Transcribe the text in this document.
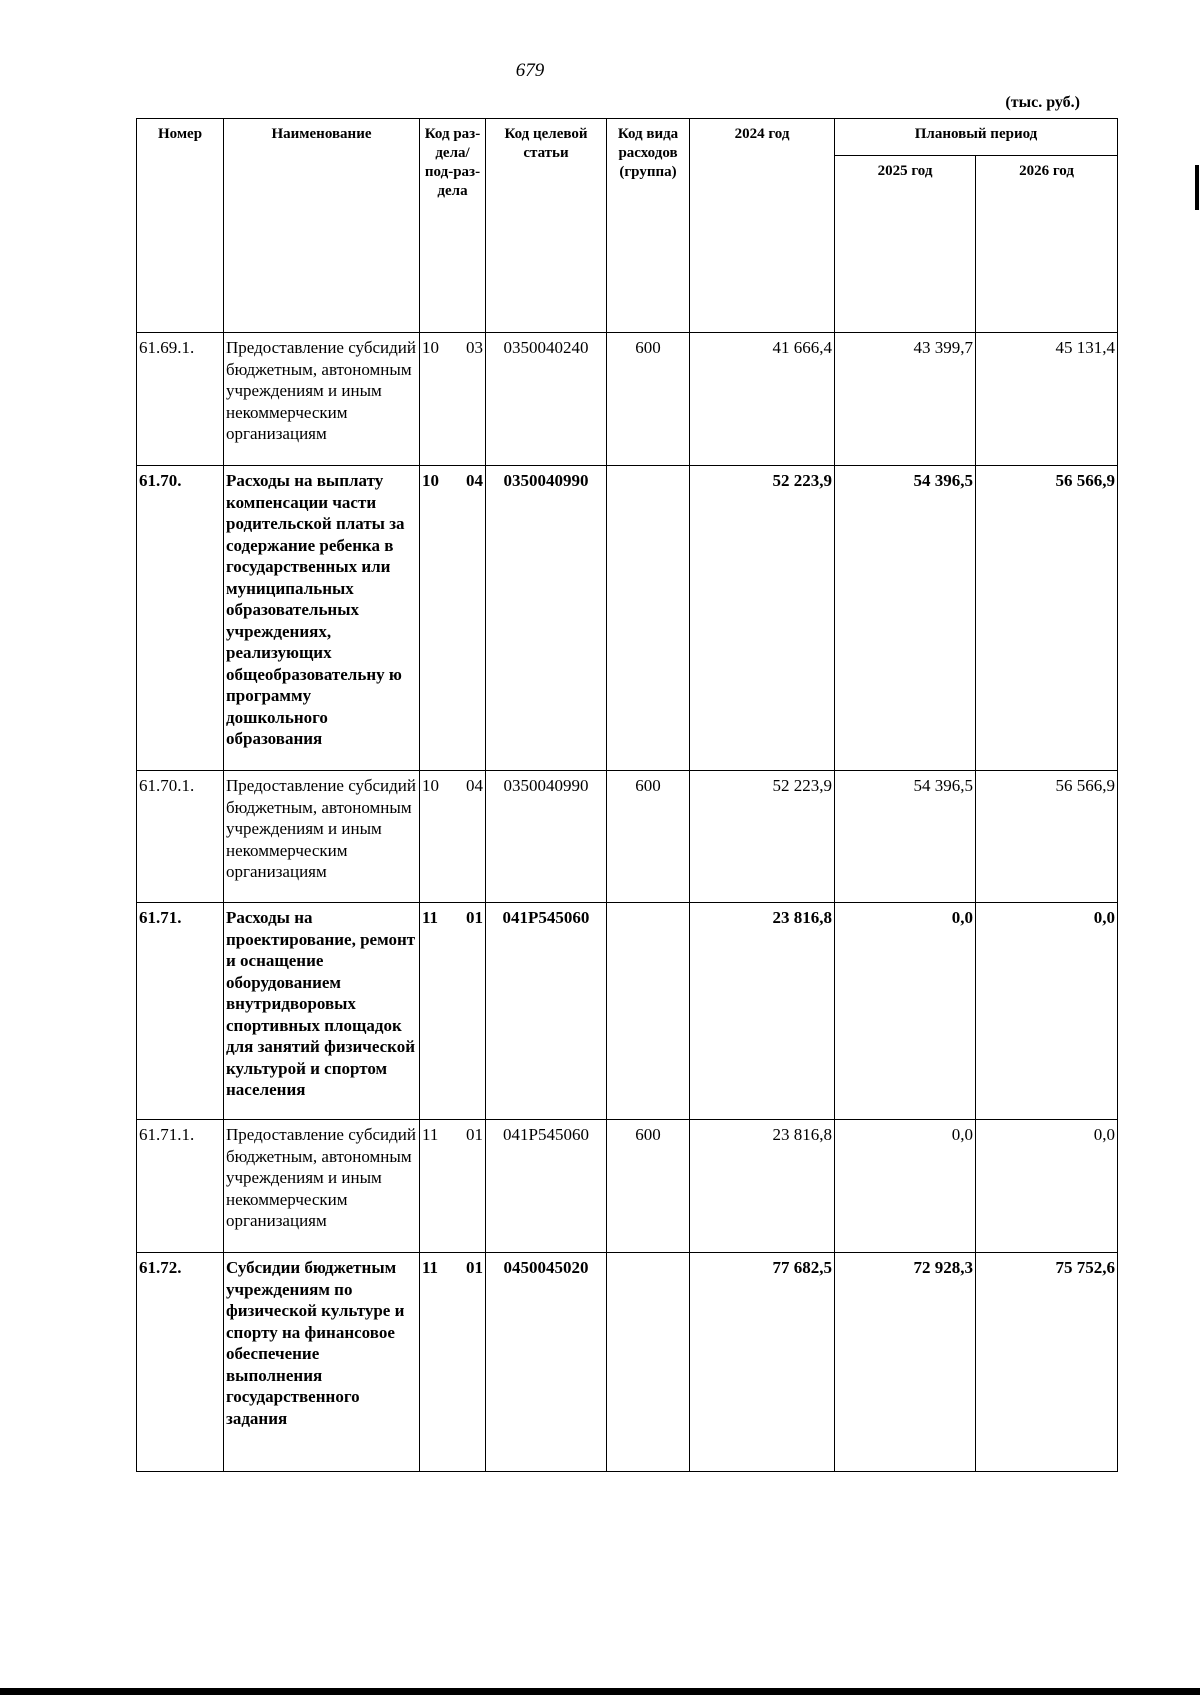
679
(тыс. руб.)
Номер	Наименование	Код раз-дела/ под-раз-дела	Код целевой статьи	Код вида расходов (группа)	2024 год	Плановый период	
						2025 год	2026 год
61.69.1.	Предоставление субсидий бюджетным, автономным учреждениям и иным некоммерческим организациям	10 03	0350040240	600	41 666,4	43 399,7	45 131,4
61.70.	Расходы на выплату компенсации части родительской платы за содержание ребенка в государственных или муниципальных образовательных учреждениях, реализующих общеобразовательну ю программу дошкольного образования	10 04	0350040990		52 223,9	54 396,5	56 566,9
61.70.1.	Предоставление субсидий бюджетным, автономным учреждениям и иным некоммерческим организациям	10 04	0350040990	600	52 223,9	54 396,5	56 566,9
61.71.	Расходы на проектирование, ремонт и оснащение оборудованием внутридворовых спортивных площадок для занятий физической культурой и спортом населения	11 01	041P545060		23 816,8	0,0	0,0
61.71.1.	Предоставление субсидий бюджетным, автономным учреждениям и иным некоммерческим организациям	11 01	041P545060	600	23 816,8	0,0	0,0
61.72.	Субсидии бюджетным учреждениям по физической культуре и спорту на финансовое обеспечение выполнения государственного задания	11 01	0450045020		77 682,5	72 928,3	75 752,6
